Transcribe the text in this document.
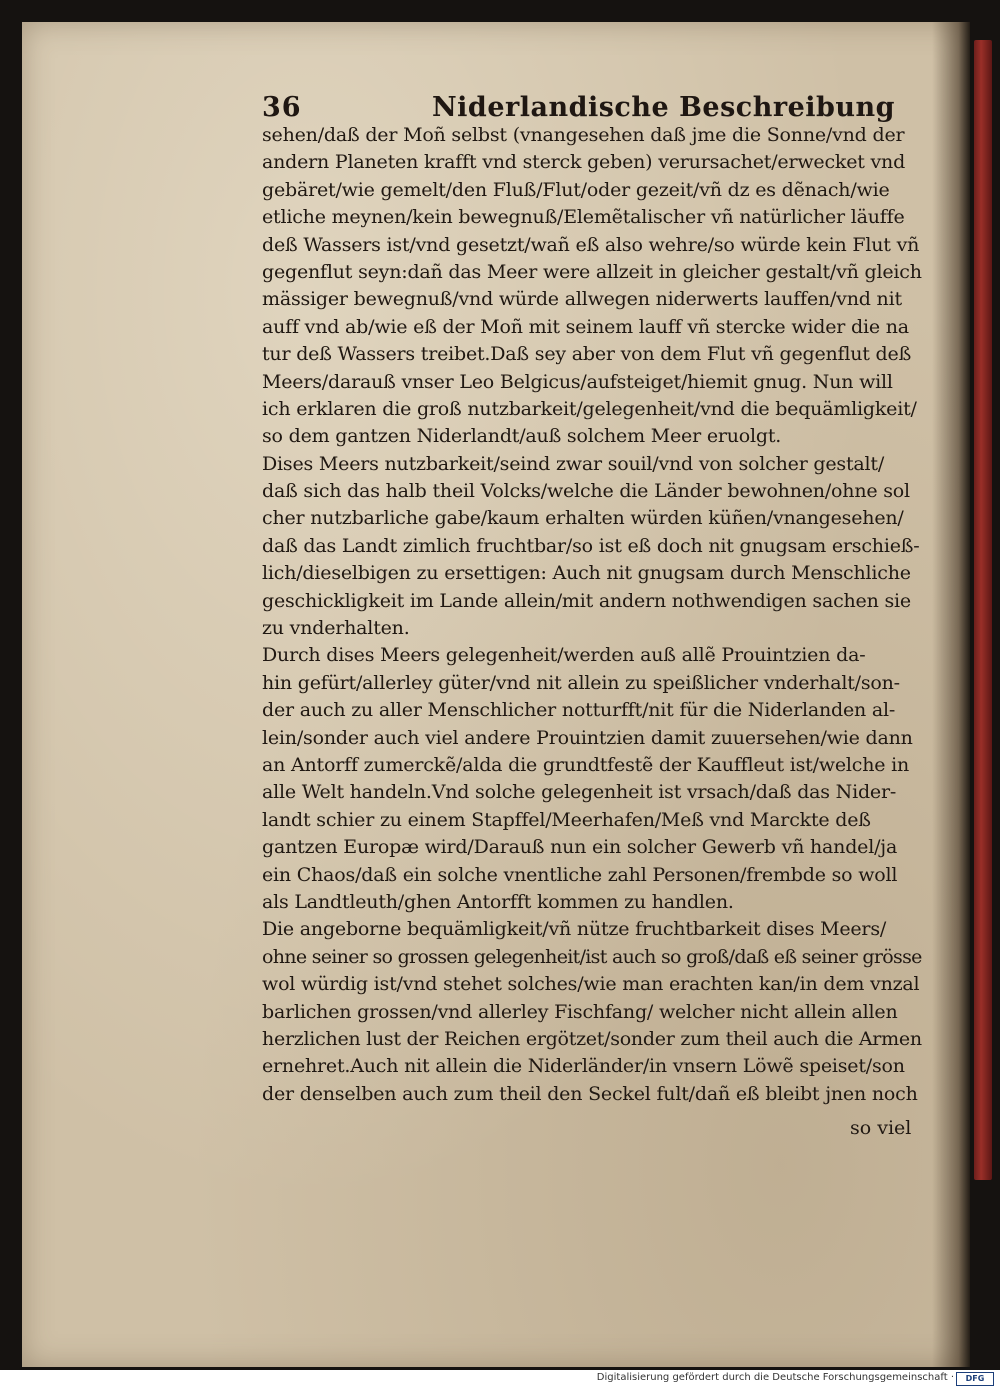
36	Niderlandische Beschreibung
sehen/daß der Moñ selbst (vnangesehen daß jme die Sonne/vnd der
andern Planeten krafft vnd sterck geben) verursachet/erwecket vnd
gebäret/wie gemelt/den Fluß/Flut/oder gezeit/vñ dz es dẽnach/wie
etliche meynen/kein bewegnuß/Elemẽtalischer vñ natürlicher läuffe
deß Wassers ist/vnd gesetzt/wañ eß also wehre/so würde kein Flut vñ
gegenflut seyn:dañ das Meer were allzeit in gleicher gestalt/vñ gleich
mässiger bewegnuß/vnd würde allwegen niderwerts lauffen/vnd nit
auff vnd ab/wie eß der Moñ mit seinem lauff vñ stercke wider die na
tur deß Wassers treibet.Daß sey aber von dem Flut vñ gegenflut deß
Meers/darauß vnser Leo Belgicus/aufsteiget/hiemit gnug. Nun will
ich erklaren die groß nutzbarkeit/gelegenheit/vnd die bequämligkeit/
so dem gantzen Niderlandt/auß solchem Meer eruolgt.
Dises Meers nutzbarkeit/seind zwar souil/vnd von solcher gestalt/
daß sich das halb theil Volcks/welche die Länder bewohnen/ohne sol
cher nutzbarliche gabe/kaum erhalten würden küñen/vnangesehen/
daß das Landt zimlich fruchtbar/so ist eß doch nit gnugsam erschieß-
lich/dieselbigen zu ersettigen: Auch nit gnugsam durch Menschliche
geschickligkeit im Lande allein/mit andern nothwendigen sachen sie
zu vnderhalten.
Durch dises Meers gelegenheit/werden auß allẽ Prouintzien da-
hin gefürt/allerley güter/vnd nit allein zu speißlicher vnderhalt/son-
der auch zu aller Menschlicher notturfft/nit für die Niderlanden al-
lein/sonder auch viel andere Prouintzien damit zuuersehen/wie dann
an Antorff zumerckẽ/alda die grundtfestẽ der Kauffleut ist/welche in
alle Welt handeln.Vnd solche gelegenheit ist vrsach/daß das Nider-
landt schier zu einem Stapffel/Meerhafen/Meß vnd Marckte deß
gantzen Europæ wird/Darauß nun ein solcher Gewerb vñ handel/ja
ein Chaos/daß ein solche vnentliche zahl Personen/frembde so woll
als Landtleuth/ghen Antorfft kommen zu handlen.
Die angeborne bequämligkeit/vñ nütze fruchtbarkeit dises Meers/
ohne seiner so grossen gelegenheit/ist auch so groß/daß eß seiner grösse
wol würdig ist/vnd stehet solches/wie man erachten kan/in dem vnzal
barlichen grossen/vnd allerley Fischfang/ welcher nicht allein allen
herzlichen lust der Reichen ergötzet/sonder zum theil auch die Armen
ernehret.Auch nit allein die Niderländer/in vnsern Löwẽ speiset/son
der denselben auch zum theil den Seckel fult/dañ eß bleibt jnen noch
so viel
Digitalisierung gefördert durch die Deutsche Forschungsgemeinschaft ·	DFG
